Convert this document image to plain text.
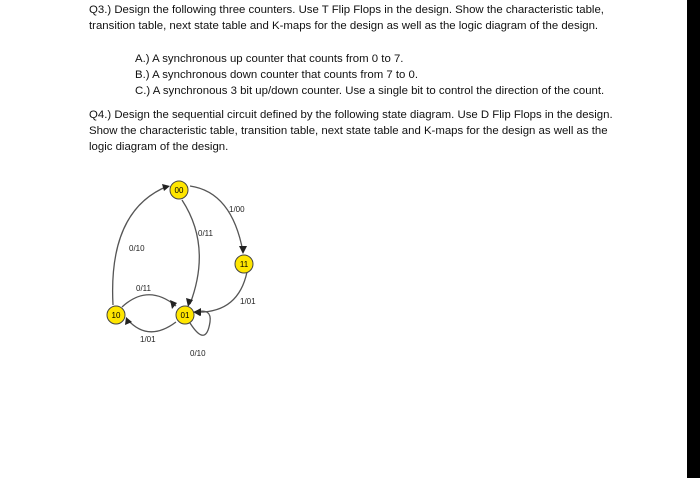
Q3.) Design the following three counters. Use T Flip Flops in the design. Show the characteristic table,
transition table, next state table and K-maps for the design as well as the logic diagram of the design.
A.) A synchronous up counter that counts from 0 to 7.
B.) A synchronous down counter that counts from 7 to 0.
C.) A synchronous 3 bit up/down counter. Use a single bit to control the direction of the count.
Q4.) Design the sequential circuit defined by the following state diagram. Use D Flip Flops in the design.
Show the characteristic table, transition table, next state table and K-maps for the design as well as the
logic diagram of the design.
1/00
0/11
0/10
0/11
1/01
1/01
0/10
00
11
01
10
